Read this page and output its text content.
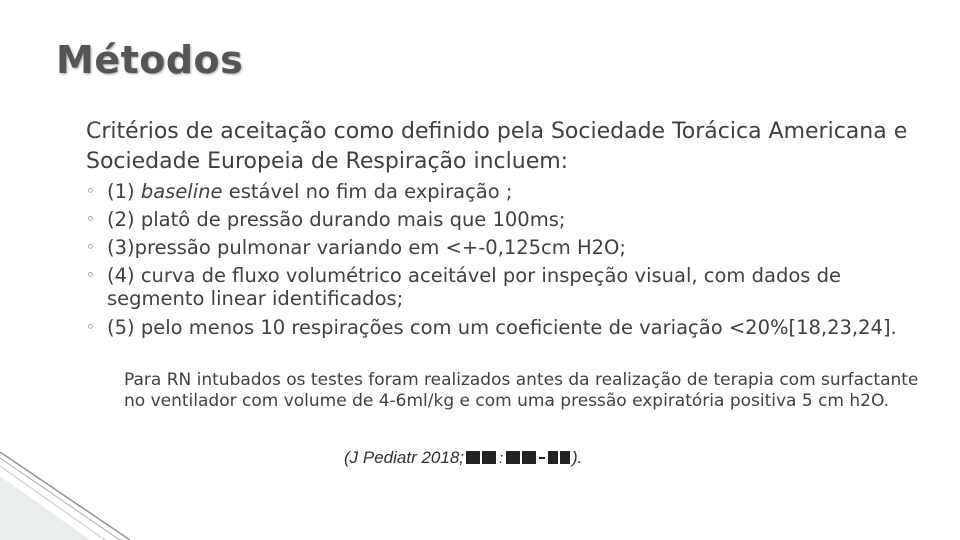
Métodos

Critérios de aceitação como definido pela Sociedade Torácica Americana e Sociedade Europeia de Respiração incluem:

◦ (1) baseline estável no fim da expiração ;
◦ (2) platô de pressão durando mais que 100ms;
◦ (3)pressão pulmonar variando em <+-0,125cm H2O;
◦ (4) curva de fluxo volumétrico aceitável por inspeção visual, com dados de segmento linear identificados;
◦ (5) pelo menos 10 respirações com um coeficiente de variação <20%[18,23,24].
Para RN intubados os testes foram realizados antes da realização de terapia com surfactante no ventilador com volume de 4-6ml/kg e com uma pressão expiratória positiva 5 cm h2O.

(J Pediatr 2018; :	).
